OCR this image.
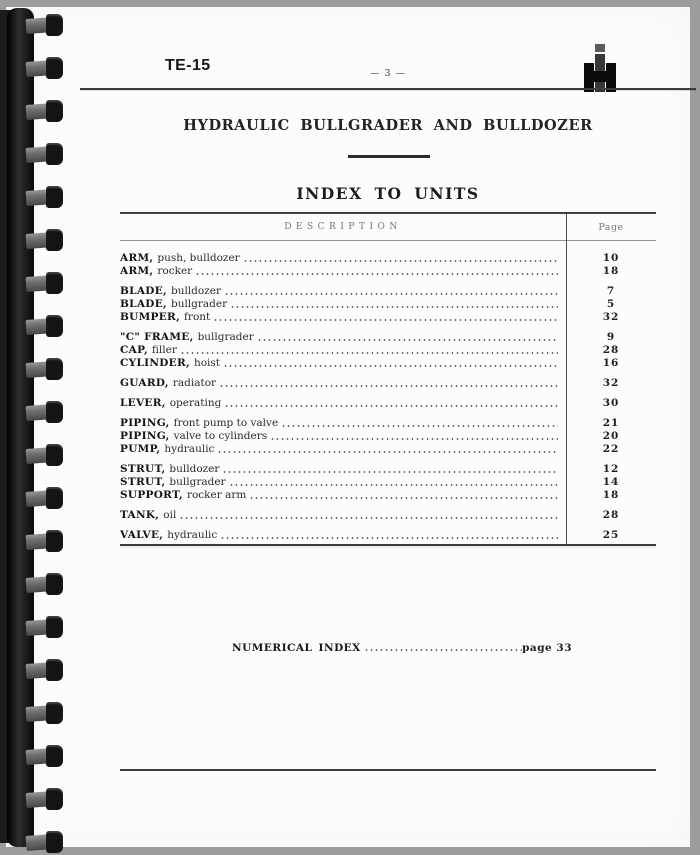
TE-15	— 3 —
HYDRAULIC BULLGRADER AND BULLDOZER
INDEX TO UNITS
DESCRIPTION	Page
ARM, push, bulldozer	10
ARM, rocker	18
BLADE, bulldozer	7
BLADE, bullgrader	5
BUMPER, front	32
"C" FRAME, bullgrader	9
CAP, filler	28
CYLINDER, hoist	16
GUARD, radiator	32
LEVER, operating	30
PIPING, front pump to valve	21
PIPING, valve to cylinders	20
PUMP, hydraulic	22
STRUT, bulldozer	12
STRUT, bullgrader	14
SUPPORT, rocker arm	18
TANK, oil	28
VALVE, hydraulic	25
NUMERICAL INDEX	page 33
